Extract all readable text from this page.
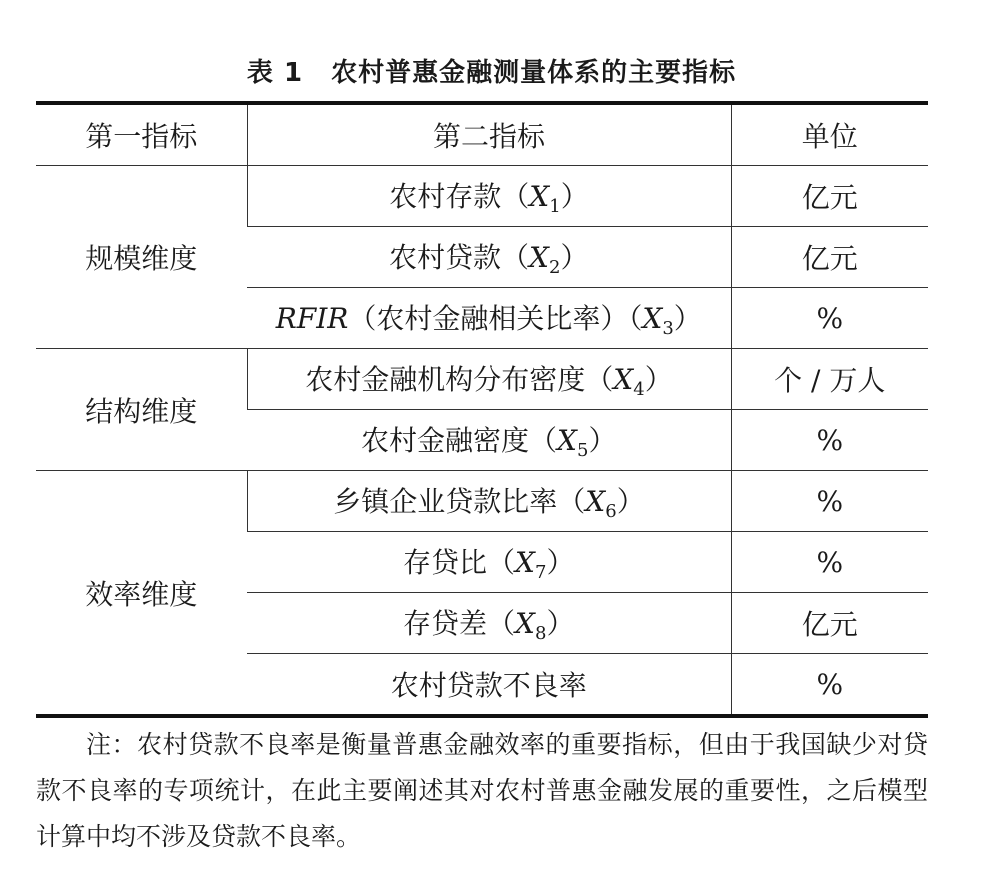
表 1 农村普惠金融测量体系的主要指标
第一指标	第二指标	单位
规模维度	农村存款$(X_1)$	亿元
	农村贷款$(X_2)$	亿元
	RFIR（农村金融相关比率）$(X_3)$	%
结构维度	农村金融机构分布密度$(X_4)$	个 / 万人
	农村金融密度$(X_5)$	%
效率维度	乡镇企业贷款比率$(X_6)$	%
	存贷比$(X_7)$	%
	存贷差$(X_8)$	亿元
	农村贷款不良率	%
注：农村贷款不良率是衡量普惠金融效率的重要指标，但由于我国缺少对贷款不良率的专项统计，在此主要阐述其对农村普惠金融发展的重要性，之后模型计算中均不涉及贷款不良率。
